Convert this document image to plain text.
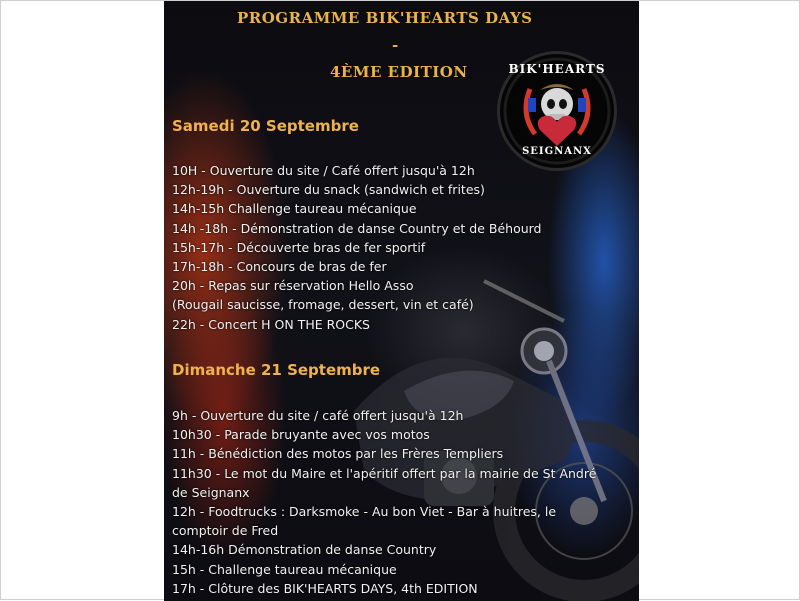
PROGRAMME BIK'HEARTS DAYS
-
4ÈME EDITION	BIK'HEARTS
SEIGNANX
Samedi 20 Septembre
10H - Ouverture du site / Café offert jusqu'à 12h
12h-19h - Ouverture du snack (sandwich et frites)
14h-15h Challenge taureau mécanique
14h -18h - Démonstration de danse Country et de Béhourd
15h-17h - Découverte bras de fer sportif
17h-18h - Concours de bras de fer
20h - Repas sur réservation Hello Asso
(Rougail saucisse, fromage, dessert, vin et café)
22h - Concert H ON THE ROCKS
Dimanche 21 Septembre
9h - Ouverture du site / café offert jusqu'à 12h
10h30 - Parade bruyante avec vos motos
11h - Bénédiction des motos par les Frères Templiers
11h30 - Le mot du Maire et l'apéritif offert par la mairie de St André
de Seignanx
12h - Foodtrucks : Darksmoke - Au bon Viet - Bar à huitres, le
comptoir de Fred
14h-16h Démonstration de danse Country
15h - Challenge taureau mécanique
17h - Clôture des BIK'HEARTS DAYS, 4th EDITION
